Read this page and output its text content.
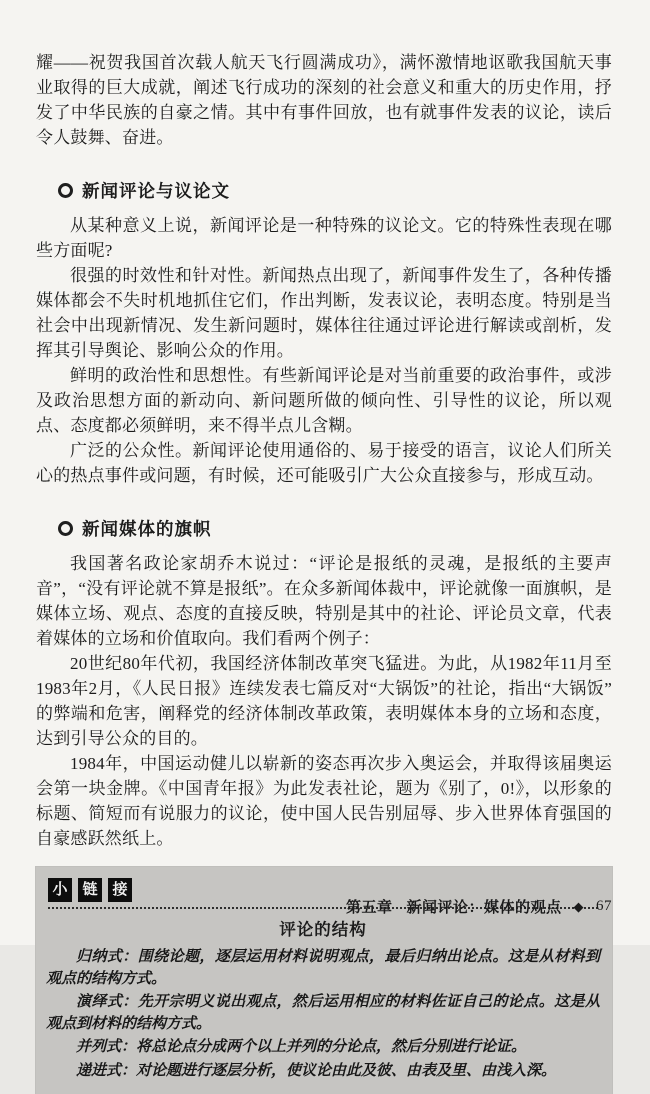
耀——祝贺我国首次载人航天飞行圆满成功》，满怀激情地讴歌我国航天事业取得的巨大成就，阐述飞行成功的深刻的社会意义和重大的历史作用，抒发了中华民族的自豪之情。其中有事件回放，也有就事件发表的议论，读后令人鼓舞、奋进。

新闻评论与议论文

从某种意义上说，新闻评论是一种特殊的议论文。它的特殊性表现在哪些方面呢?

很强的时效性和针对性。新闻热点出现了，新闻事件发生了，各种传播媒体都会不失时机地抓住它们，作出判断，发表议论，表明态度。特别是当社会中出现新情况、发生新问题时，媒体往往通过评论进行解读或剖析，发挥其引导舆论、影响公众的作用。

鲜明的政治性和思想性。有些新闻评论是对当前重要的政治事件，或涉及政治思想方面的新动向、新问题所做的倾向性、引导性的议论，所以观点、态度都必须鲜明，来不得半点儿含糊。

广泛的公众性。新闻评论使用通俗的、易于接受的语言，议论人们所关心的热点事件或问题，有时候，还可能吸引广大公众直接参与，形成互动。

新闻媒体的旗帜

我国著名政论家胡乔木说过：“评论是报纸的灵魂，是报纸的主要声音”，“没有评论就不算是报纸”。在众多新闻体裁中，评论就像一面旗帜，是媒体立场、观点、态度的直接反映，特别是其中的社论、评论员文章，代表着媒体的立场和价值取向。我们看两个例子：

20世纪80年代初，我国经济体制改革突飞猛进。为此，从1982年11月至1983年2月，《人民日报》连续发表七篇反对“大锅饭”的社论，指出“大锅饭”的弊端和危害，阐释党的经济体制改革政策，表明媒体本身的立场和态度，达到引导公众的目的。

1984年，中国运动健儿以崭新的姿态再次步入奥运会，并取得该届奥运会第一块金牌。《中国青年报》为此发表社论，题为《别了，0!》，以形象的标题、简短而有说服力的议论，使中国人民告别屈辱、步入世界体育强国的自豪感跃然纸上。

小 链 接
评论的结构

归纳式：围绕论题，逐层运用材料说明观点，最后归纳出论点。这是从材料到观点的结构方式。

演绎式：先开宗明义说出观点，然后运用相应的材料佐证自己的论点。这是从观点到材料的结构方式。

并列式：将总论点分成两个以上并列的分论点，然后分别进行论证。

递进式：对论题进行逐层分析，使议论由此及彼、由表及里、由浅入深。

第五章 新闻评论：媒体的观点 ◆ 67
